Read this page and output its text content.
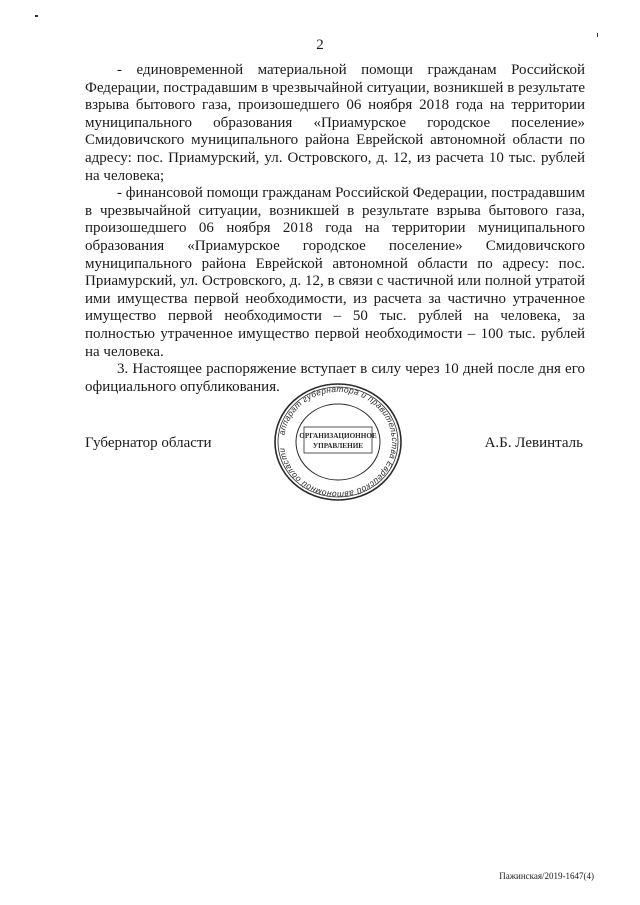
2

- единовременной материальной помощи гражданам Российской Федерации, пострадавшим в чрезвычайной ситуации, возникшей в результате взрыва бытового газа, произошедшего 06 ноября 2018 года на территории муниципального образования «Приамурское городское поселение» Смидовичского муниципального района Еврейской автономной области по адресу: пос. Приамурский, ул. Островского, д. 12, из расчета 10 тыс. рублей на человека;

- финансовой помощи гражданам Российской Федерации, пострадавшим в чрезвычайной ситуации, возникшей в результате взрыва бытового газа, произошедшего 06 ноября 2018 года на территории муниципального образования «Приамурское городское поселение» Смидовичского муниципального района Еврейской автономной области по адресу: пос. Приамурский, ул. Островского, д. 12, в связи с частичной или полной утратой ими имущества первой необходимости, из расчета за частично утраченное имущество первой необходимости – 50 тыс. рублей на человека, за полностью утраченное имущество первой необходимости – 100 тыс. рублей на человека.

3. Настоящее распоряжение вступает в силу через 10 дней после дня его официального опубликования.

Губернатор области	А.Б. Левинталь
аппарат губернатора и правительства Еврейской автономной области
ОРГАНИЗАЦИОННОЕ
УПРАВЛЕНИЕ
Пажинская/2019-1647(4)
